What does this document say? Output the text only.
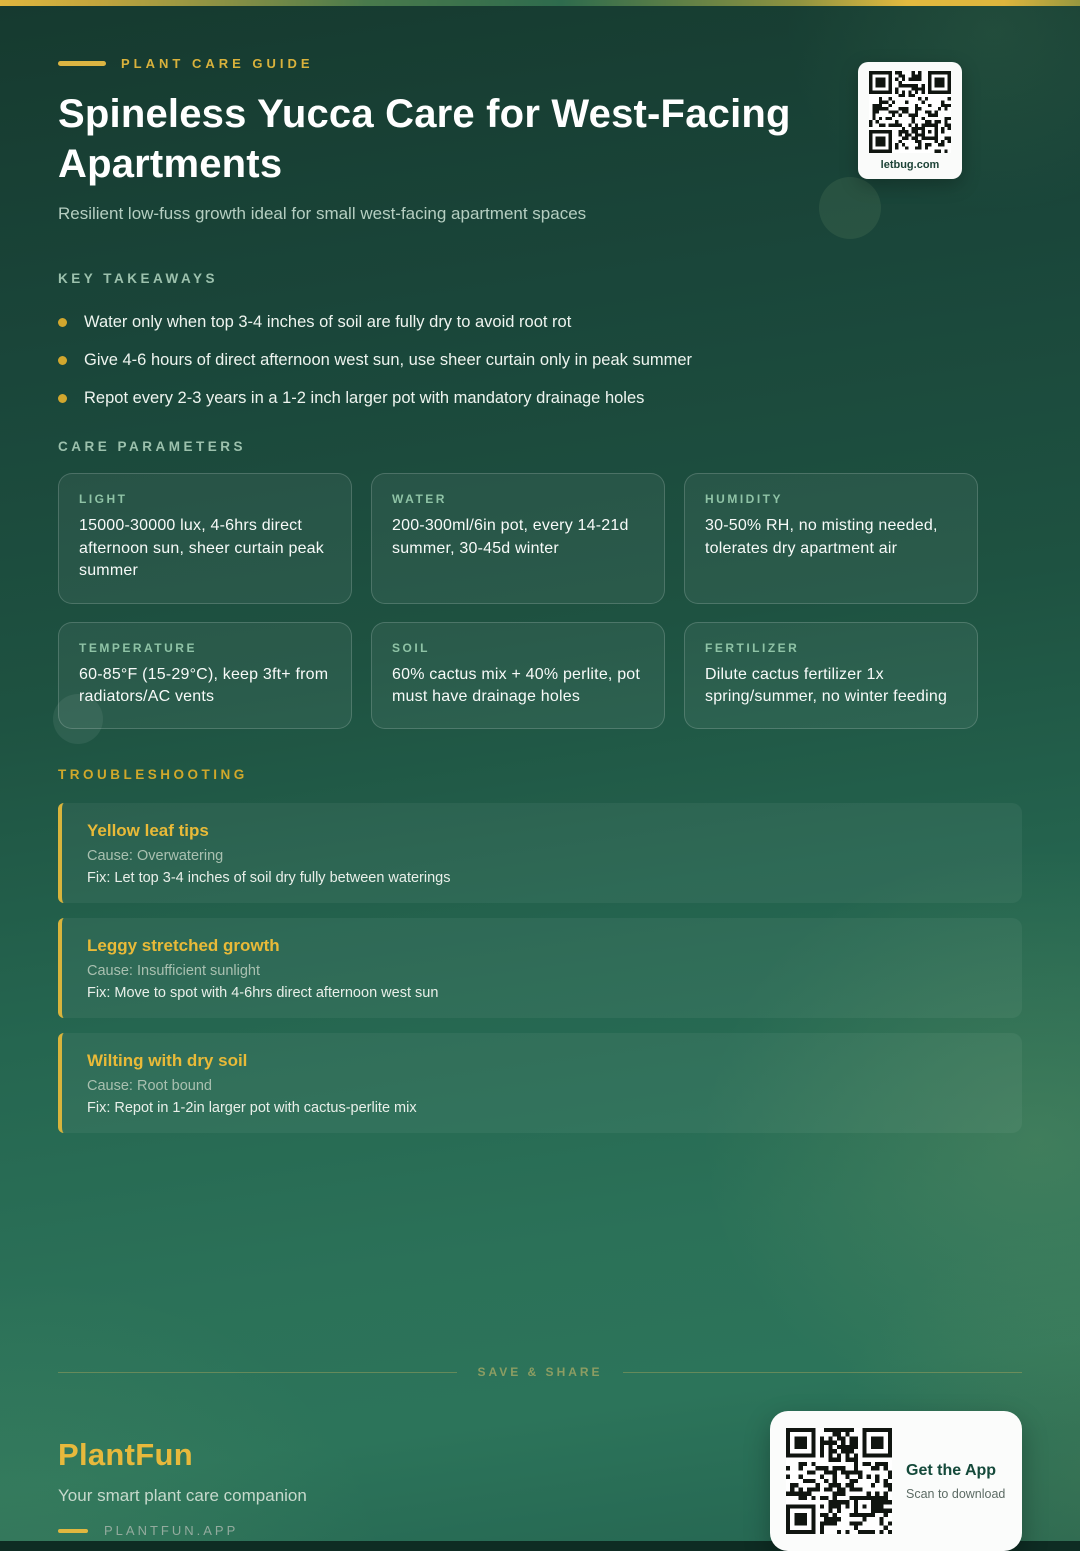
letbug.com
PLANT CARE GUIDE
Spineless Yucca Care for West-Facing Apartments
Resilient low-fuss growth ideal for small west-facing apartment spaces
KEY TAKEAWAYS
Water only when top 3-4 inches of soil are fully dry to avoid root rot
Give 4-6 hours of direct afternoon west sun, use sheer curtain only in peak summer
Repot every 2-3 years in a 1-2 inch larger pot with mandatory drainage holes
CARE PARAMETERS
LIGHT
15000-30000 lux, 4-6hrs direct afternoon sun, sheer curtain peak summer
WATER
200-300ml/6in pot, every 14-21d summer, 30-45d winter
HUMIDITY
30-50% RH, no misting needed, tolerates dry apartment air
TEMPERATURE
60-85°F (15-29°C), keep 3ft+ from radiators/AC vents
SOIL
60% cactus mix + 40% perlite, pot must have drainage holes
FERTILIZER
Dilute cactus fertilizer 1x spring/summer, no winter feeding
TROUBLESHOOTING
Yellow leaf tips
Cause: Overwatering
Fix: Let top 3-4 inches of soil dry fully between waterings
Leggy stretched growth
Cause: Insufficient sunlight
Fix: Move to spot with 4-6hrs direct afternoon west sun
Wilting with dry soil
Cause: Root bound
Fix: Repot in 1-2in larger pot with cactus-perlite mix
SAVE & SHARE
PlantFun
Your smart plant care companion
PLANTFUN.APP
Get the App
Scan to download
